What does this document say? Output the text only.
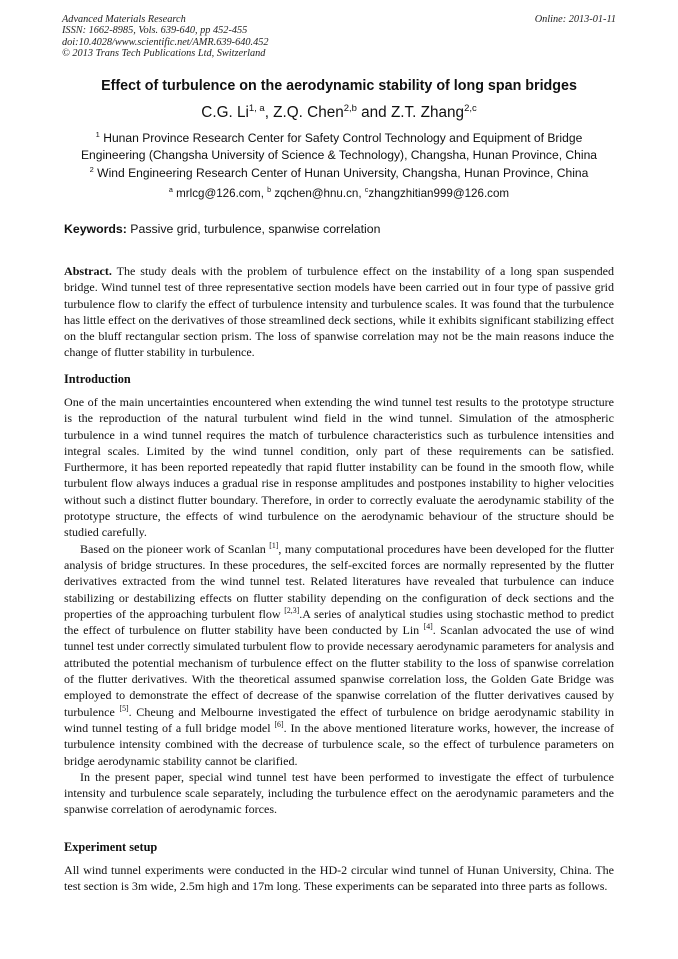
Advanced Materials Research
ISSN: 1662-8985, Vols. 639-640, pp 452-455
doi:10.4028/www.scientific.net/AMR.639-640.452
© 2013 Trans Tech Publications Ltd, Switzerland
Online: 2013-01-11
Effect of turbulence on the aerodynamic stability of long span bridges
C.G. Li$^{1, a}$, Z.Q. Chen$^{2,b}$ and Z.T. Zhang$^{2,c}$
$^1$ Hunan Province Research Center for Safety Control Technology and Equipment of Bridge
Engineering (Changsha University of Science & Technology), Changsha, Hunan Province, China
$^2$ Wind Engineering Research Center of Hunan University, Changsha, Hunan Province, China
$^a$ mrlcg@126.com, $^b$ zqchen@hnu.cn, $^c$zhangzhitian999@126.com
Keywords: Passive grid, turbulence, spanwise correlation

Abstract. The study deals with the problem of turbulence effect on the instability of a long span suspended bridge. Wind tunnel test of three representative section models have been carried out in four type of passive grid turbulence flow to clarify the effect of turbulence intensity and turbulence scales. It was found that the turbulence has little effect on the derivatives of those streamlined deck sections, while it exhibits significant stabilizing effect on the bluff rectangular section prism. The loss of spanwise correlation may not be the main reasons induce the change of flutter stability in turbulence.

Introduction

One of the main uncertainties encountered when extending the wind tunnel test results to the prototype structure is the reproduction of the natural turbulent wind field in the wind tunnel. Simulation of the atmospheric turbulence in a wind tunnel requires the match of turbulence characteristics such as turbulence intensities and integral scales. Limited by the wind tunnel condition, only part of these requirements can be satisfied. Furthermore, it has been reported repeatedly that rapid flutter instability can be found in the smooth flow, while turbulent flow always induces a gradual rise in response amplitudes and postpones instability to higher velocities without such a distinct flutter boundary. Therefore, in order to correctly evaluate the aerodynamic stability of the prototype structure, the effects of wind turbulence on the aerodynamic behaviour of the structure should be studied carefully.

Based on the pioneer work of Scanlan [1], many computational procedures have been developed for the flutter analysis of bridge structures. In these procedures, the self-excited forces are normally represented by the flutter derivatives extracted from the wind tunnel test. Related literatures have revealed that turbulence can induce stabilizing or destabilizing effects on flutter stability depending on the configuration of deck sections and the properties of the approaching turbulent flow [2,3].A series of analytical studies using stochastic method to predict the effect of turbulence on flutter stability have been conducted by Lin [4]. Scanlan advocated the use of wind tunnel test under correctly simulated turbulent flow to provide necessary aerodynamic parameters for analysis and attributed the potential mechanism of turbulence effect on the flutter stability to the loss of spanwise correlation of the flutter derivatives. With the theoretical assumed spanwise correlation loss, the Golden Gate Bridge was employed to demonstrate the effect of decrease of the spanwise correlation of the flutter derivatives caused by turbulence [5]. Cheung and Melbourne investigated the effect of turbulence on bridge aerodynamic stability in wind tunnel testing of a full bridge model [6]. In the above mentioned literature works, however, the increase of turbulence intensity combined with the decrease of turbulence scale, so the effect of turbulence parameters on bridge aerodynamic stability cannot be clarified.

In the present paper, special wind tunnel test have been performed to investigate the effect of turbulence intensity and turbulence scale separately, including the turbulence effect on the aerodynamic parameters and the spanwise correlation of aerodynamic forces.

Experiment setup

All wind tunnel experiments were conducted in the HD-2 circular wind tunnel of Hunan University, China. The test section is 3m wide, 2.5m high and 17m long. These experiments can be separated into three parts as follows.
